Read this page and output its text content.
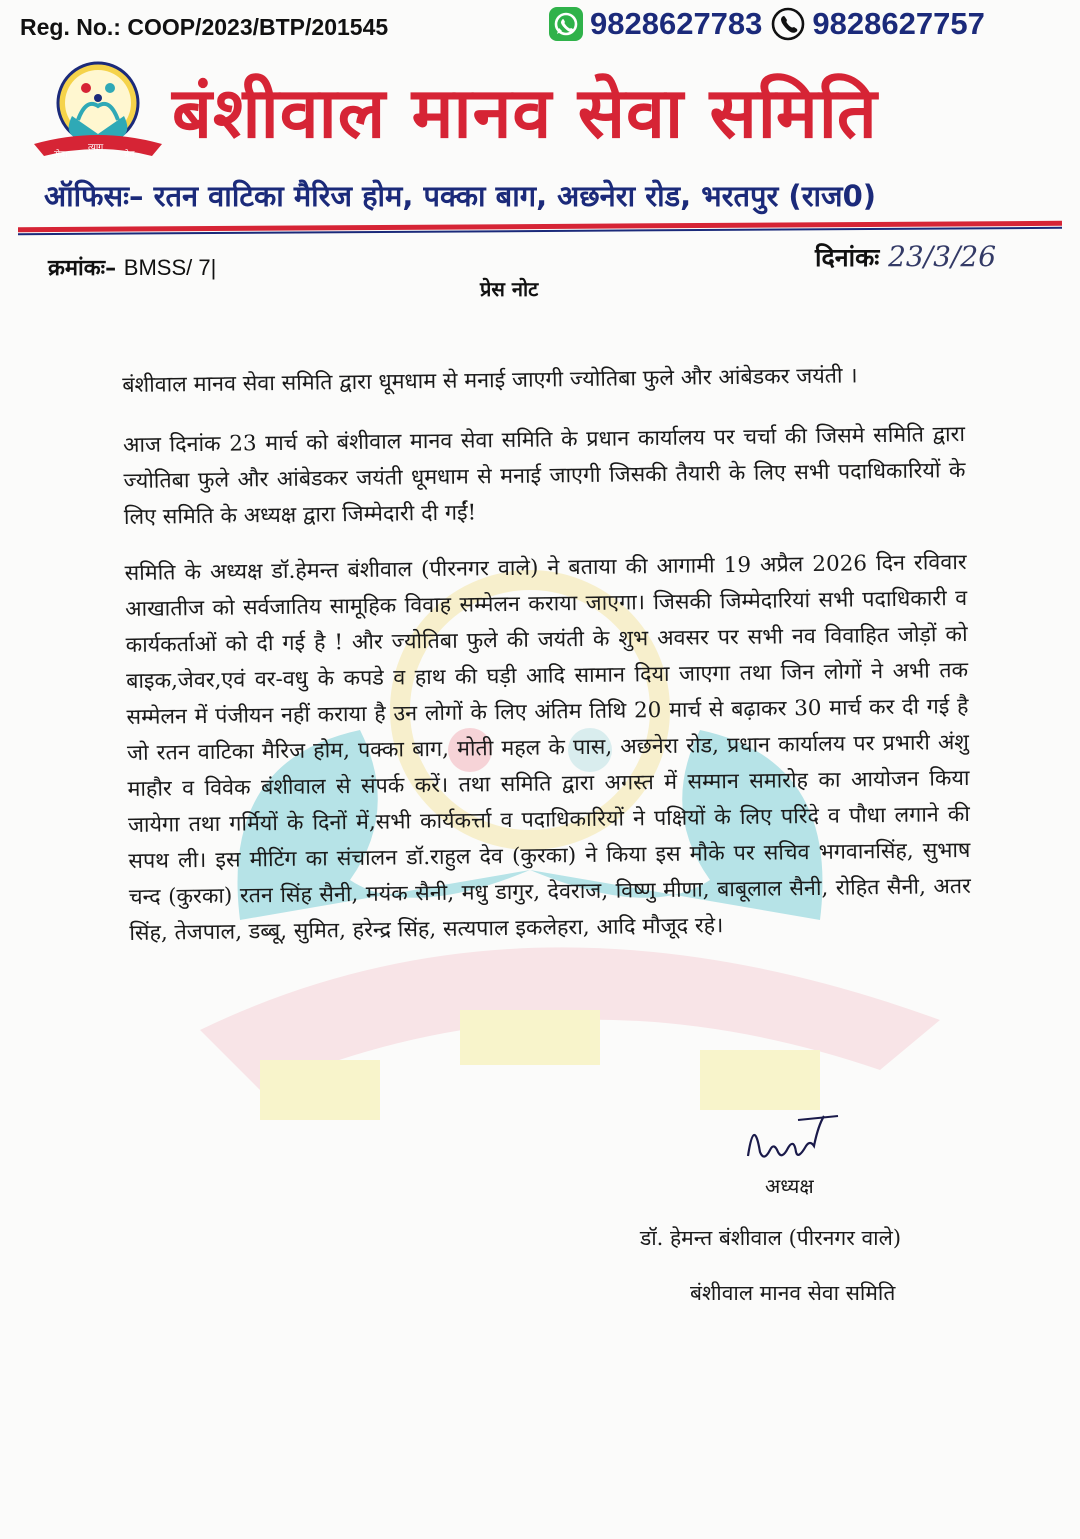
Reg. No.: COOP/2023/BTP/201545	9828627783 9828627757
सेवा
त्याग
प्रेम
बंशीवाल मानव सेवा समिति
ऑफिसः– रतन वाटिका मैरिज होम, पक्का बाग, अछनेरा रोड, भरतपुर (राज0)
क्रमांकः– BMSS/ 7|	दिनांकः 23/3/26
प्रेस नोट

बंशीवाल मानव सेवा समिति द्वारा धूमधाम से मनाई जाएगी ज्योतिबा फुले और आंबेडकर जयंती ।

आज दिनांक 23 मार्च को बंशीवाल मानव सेवा समिति के प्रधान कार्यालय पर चर्चा की जिसमे समिति द्वारा ज्योतिबा फुले और आंबेडकर जयंती धूमधाम से मनाई जाएगी जिसकी तैयारी के लिए सभी पदाधिकारियों के लिए समिति के अध्यक्ष द्वारा जिम्मेदारी दी गईं!

समिति के अध्यक्ष डॉ.हेमन्त बंशीवाल (पीरनगर वाले) ने बताया की आगामी 19 अप्रैल 2026 दिन रविवार आखातीज को सर्वजातिय सामूहिक विवाह सम्मेलन कराया जाएगा। जिसकी जिम्मेदारियां सभी पदाधिकारी व कार्यकर्ताओं को दी गई है ! और ज्योतिबा फुले की जयंती के शुभ अवसर पर सभी नव विवाहित जोड़ों को बाइक,जेवर,एवं वर-वधु के कपडे व हाथ की घड़ी आदि सामान दिया जाएगा तथा जिन लोगों ने अभी तक सम्मेलन में पंजीयन नहीं कराया है उन लोगों के लिए अंतिम तिथि 20 मार्च से बढ़ाकर 30 मार्च कर दी गई है जो रतन वाटिका मैरिज होम, पक्का बाग, मोती महल के पास, अछनेरा रोड, प्रधान कार्यालय पर प्रभारी अंशु माहौर व विवेक बंशीवाल से संपर्क करें। तथा समिति द्वारा अगस्त में सम्मान समारोह का आयोजन किया जायेगा तथा गर्मियों के दिनों में,सभी कार्यकर्त्ता व पदाधिकारियों ने पक्षियों के लिए परिंदे व पौधा लगाने की सपथ ली। इस मीटिंग का संचालन डॉ.राहुल देव (कुरका) ने किया इस मौके पर सचिव भगवानसिंह, सुभाष चन्द (कुरका) रतन सिंह सैनी, मयंक सैनी, मधु डागुर, देवराज, विष्णु मीणा, बाबूलाल सैनी, रोहित सैनी, अतर सिंह, तेजपाल, डब्बू, सुमित, हरेन्द्र सिंह, सत्यपाल इकलेहरा, आदि मौजूद रहे।

अध्यक्ष
डॉ. हेमन्त बंशीवाल (पीरनगर वाले)
बंशीवाल मानव सेवा समिति
